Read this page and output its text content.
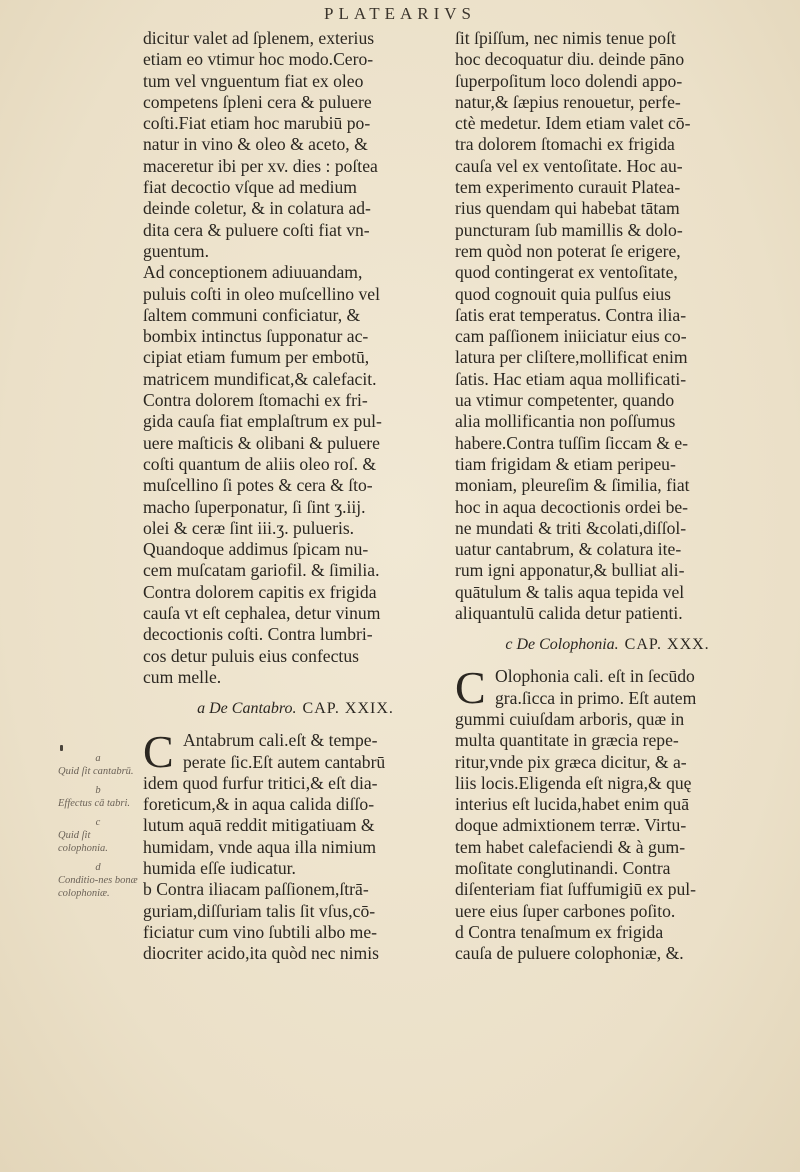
PLATEARIVS
dicitur valet ad ſplenem, exterius
etiam eo vtimur hoc modo.Cero-
tum vel vnguentum fiat ex oleo
competens ſpleni cera & puluere
coſti.Fiat etiam hoc marubiū po-
natur in vino & oleo & aceto, &
maceretur ibi per xv. dies : poſtea
fiat decoctio vſque ad medium
deinde coletur, & in colatura ad-
dita cera & puluere coſti fiat vn-
guentum.
Ad conceptionem adiuuandam,
puluis coſti in oleo muſcellino vel
ſaltem communi conficiatur, &
bombix intinctus ſupponatur ac-
cipiat etiam fumum per embotū,
matricem mundificat,& calefacit.
Contra dolorem ſtomachi ex fri-
gida cauſa fiat emplaſtrum ex pul-
uere maſticis & olibani & puluere
coſti quantum de aliis oleo roſ. &
muſcellino ſi potes & cera & ſto-
macho ſuperponatur, ſi ſint ʒ.iij.
olei & ceræ ſint iii.ʒ. pulueris.
Quandoque addimus ſpicam nu-
cem muſcatam gariofil. & ſimilia.
Contra dolorem capitis ex frigida
cauſa vt eſt cephalea, detur vinum
decoctionis coſti. Contra lumbri-
cos detur puluis eius confectus
cum melle.
a De Cantabro. CAP. XXIX.
C Antabrum cali.eſt & tempe-
perate ſic.Eſt autem cantabrū
idem quod furfur tritici,& eſt dia-
foreticum,& in aqua calida diſſo-
lutum aquā reddit mitigatiuam &
humidam, vnde aqua illa nimium
humida eſſe iudicatur.
b Contra iliacam paſſionem,ſtrā-
guriam,diſſuriam talis ſit vſus,cō-
ficiatur cum vino ſubtili albo me-
diocriter acido,ita quòd nec nimis
ſit ſpiſſum, nec nimis tenue poſt
hoc decoquatur diu. deinde pāno
ſuperpoſitum loco dolendi appo-
natur,& ſæpius renouetur, perfe-
ctè medetur. Idem etiam valet cō-
tra dolorem ſtomachi ex frigida
cauſa vel ex ventoſitate. Hoc au-
tem experimento curauit Platea-
rius quendam qui habebat tātam
puncturam ſub mamillis & dolo-
rem quòd non poterat ſe erigere,
quod contingerat ex ventoſitate,
quod cognouit quia pulſus eius
ſatis erat temperatus. Contra ilia-
cam paſſionem iniiciatur eius co-
latura per cliſtere,mollificat enim
ſatis. Hac etiam aqua mollificati-
ua vtimur competenter, quando
alia mollificantia non poſſumus
habere.Contra tuſſim ſiccam & e-
tiam frigidam & etiam peripeu-
moniam, pleureſim & ſimilia, fiat
hoc in aqua decoctionis ordei be-
ne mundati & triti &colati,diſſol-
uatur cantabrum, & colatura ite-
rum igni apponatur,& bulliat ali-
quātulum & talis aqua tepida vel
aliquantulū calida detur patienti.
c De Colophonia. CAP. XXX.
C Olophonia cali. eſt in ſecūdo
gra.ſicca in primo. Eſt autem
gummi cuiuſdam arboris, quæ in
multa quantitate in græcia repe-
ritur,vnde pix græca dicitur, & a-
liis locis.Eligenda eſt nigra,& quę
interius eſt lucida,habet enim quā
doque admixtionem terræ. Virtu-
tem habet calefaciendi & à gum-
moſitate conglutinandi. Contra
diſenteriam fiat ſuffumigiū ex pul-
uere eius ſuper carbones poſito.
d Contra tenaſmum ex frigida
cauſa de puluere colophoniæ, &.
a
Quid ſit cantabrū.
b
Effectus cā tabri.
c
Quid ſit colophonia.
d
Conditio-nes bonæ colophoniæ.
